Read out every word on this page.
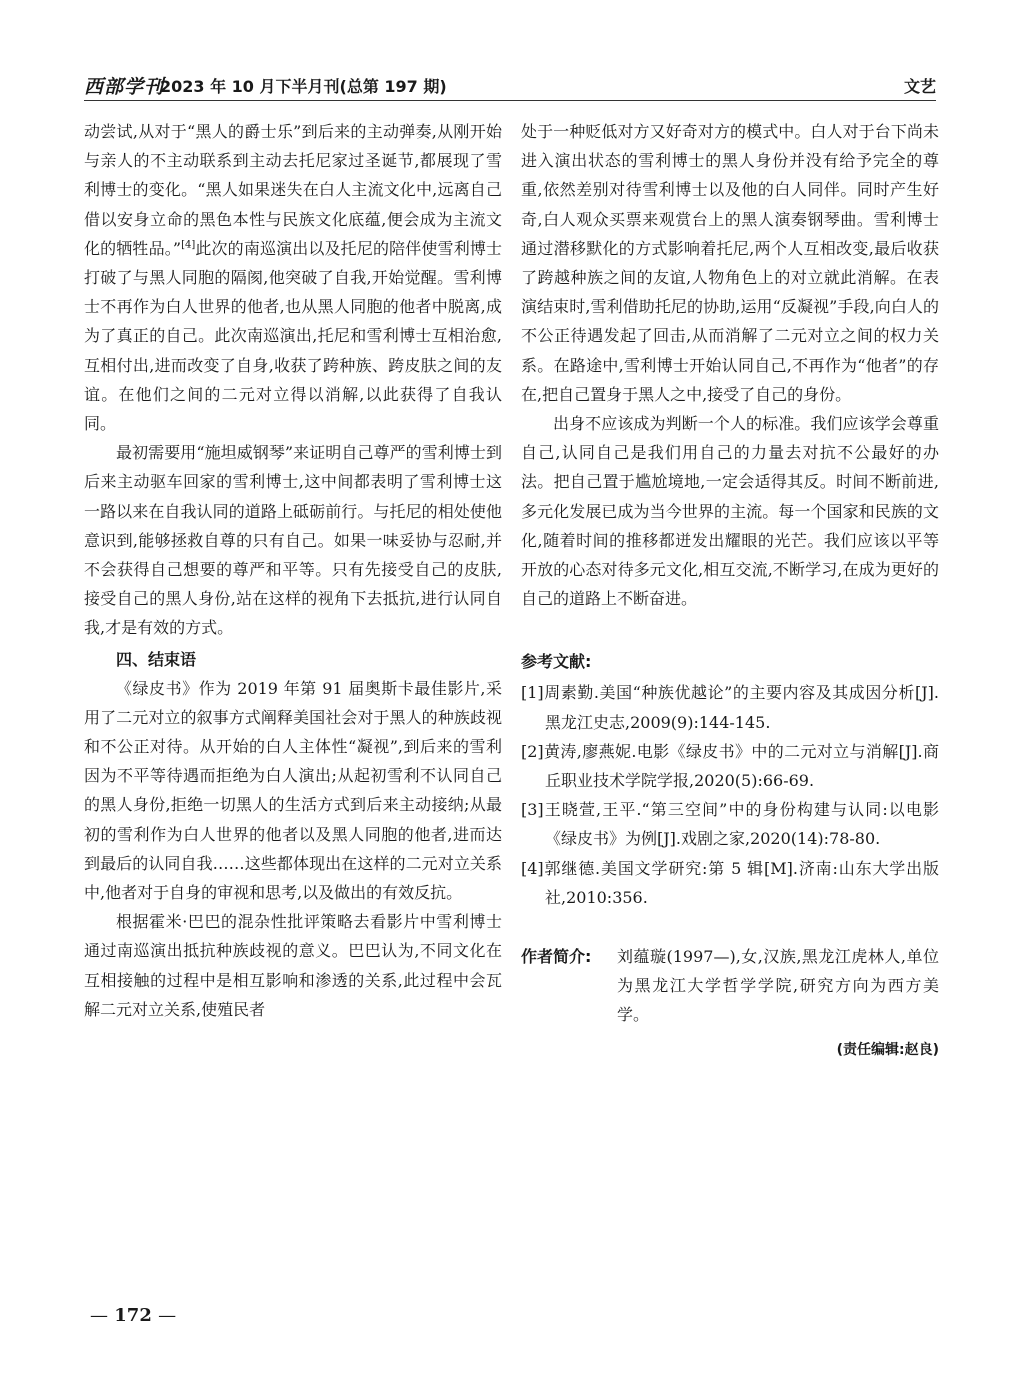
西部学刊
2023 年 10 月下半月刊(总第 197 期)	文艺

动尝试,从对于“黑人的爵士乐”到后来的主动弹奏,从刚开始与亲人的不主动联系到主动去托尼家过圣诞节,都展现了雪利博士的变化。“黑人如果迷失在白人主流文化中,远离自己借以安身立命的黑色本性与民族文化底蕴,便会成为主流文化的牺牲品。”[4]此次的南巡演出以及托尼的陪伴使雪利博士打破了与黑人同胞的隔阂,他突破了自我,开始觉醒。雪利博士不再作为白人世界的他者,也从黑人同胞的他者中脱离,成为了真正的自己。此次南巡演出,托尼和雪利博士互相治愈,互相付出,进而改变了自身,收获了跨种族、跨皮肤之间的友谊。在他们之间的二元对立得以消解,以此获得了自我认同。

最初需要用“施坦威钢琴”来证明自己尊严的雪利博士到后来主动驱车回家的雪利博士,这中间都表明了雪利博士这一路以来在自我认同的道路上砥砺前行。与托尼的相处使他意识到,能够拯救自尊的只有自己。如果一味妥协与忍耐,并不会获得自己想要的尊严和平等。只有先接受自己的皮肤,接受自己的黑人身份,站在这样的视角下去抵抗,进行认同自我,才是有效的方式。

四、结束语

《绿皮书》作为 2019 年第 91 届奥斯卡最佳影片,采用了二元对立的叙事方式阐释美国社会对于黑人的种族歧视和不公正对待。从开始的白人主体性“凝视”,到后来的雪利因为不平等待遇而拒绝为白人演出;从起初雪利不认同自己的黑人身份,拒绝一切黑人的生活方式到后来主动接纳;从最初的雪利作为白人世界的他者以及黑人同胞的他者,进而达到最后的认同自我……这些都体现出在这样的二元对立关系中,他者对于自身的审视和思考,以及做出的有效反抗。

根据霍米·巴巴的混杂性批评策略去看影片中雪利博士通过南巡演出抵抗种族歧视的意义。巴巴认为,不同文化在互相接触的过程中是相互影响和渗透的关系,此过程中会瓦解二元对立关系,使殖民者

处于一种贬低对方又好奇对方的模式中。白人对于台下尚未进入演出状态的雪利博士的黑人身份并没有给予完全的尊重,依然差别对待雪利博士以及他的白人同伴。同时产生好奇,白人观众买票来观赏台上的黑人演奏钢琴曲。雪利博士通过潜移默化的方式影响着托尼,两个人互相改变,最后收获了跨越种族之间的友谊,人物角色上的对立就此消解。在表演结束时,雪利借助托尼的协助,运用“反凝视”手段,向白人的不公正待遇发起了回击,从而消解了二元对立之间的权力关系。在路途中,雪利博士开始认同自己,不再作为“他者”的存在,把自己置身于黑人之中,接受了自己的身份。

出身不应该成为判断一个人的标准。我们应该学会尊重自己,认同自己是我们用自己的力量去对抗不公最好的办法。把自己置于尴尬境地,一定会适得其反。时间不断前进,多元化发展已成为当今世界的主流。每一个国家和民族的文化,随着时间的推移都迸发出耀眼的光芒。我们应该以平等开放的心态对待多元文化,相互交流,不断学习,在成为更好的自己的道路上不断奋进。

参考文献:

[1]周素勤.美国“种族优越论”的主要内容及其成因分析[J].黑龙江史志,2009(9):144-145.

[2]黄涛,廖燕妮.电影《绿皮书》中的二元对立与消解[J].商丘职业技术学院学报,2020(5):66-69.

[3]王晓萱,王平.“第三空间”中的身份构建与认同:以电影《绿皮书》为例[J].戏剧之家,2020(14):78-80.

[4]郭继德.美国文学研究:第 5 辑[M].济南:山东大学出版社,2010:356.

作者简介: 刘蕴璇(1997—),女,汉族,黑龙江虎林人,单位为黑龙江大学哲学学院,研究方向为西方美学。
(责任编辑:赵良)
— 172 —
